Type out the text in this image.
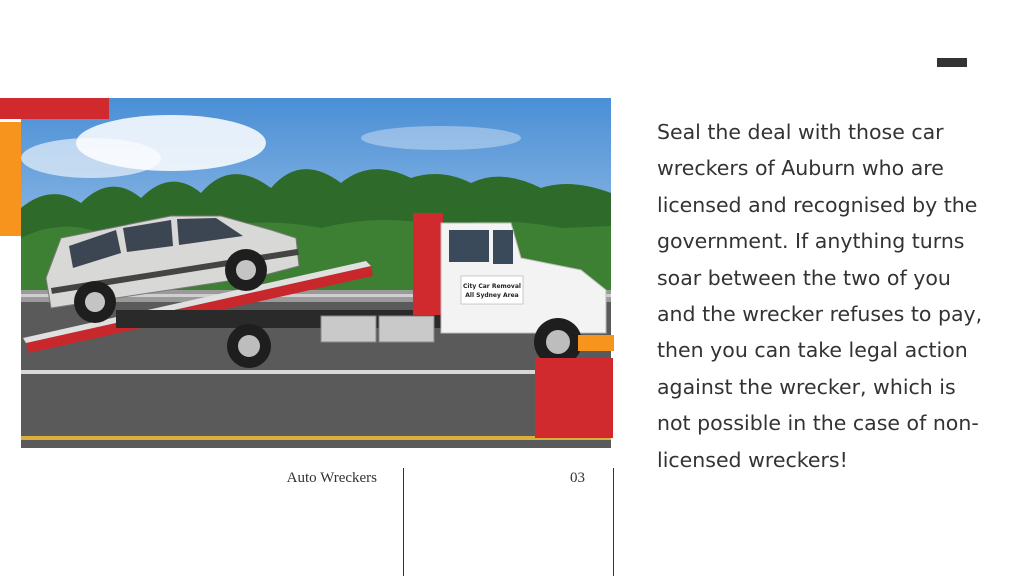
City Car Removal
All Sydney Area
Auto Wreckers	03
Seal the deal with those car wreckers of Auburn who are licensed and recognised by the government. If anything turns soar between the two of you and the wrecker refuses to pay, then you can take legal action against the wrecker, which is not possible in the case of non-licensed wreckers!
